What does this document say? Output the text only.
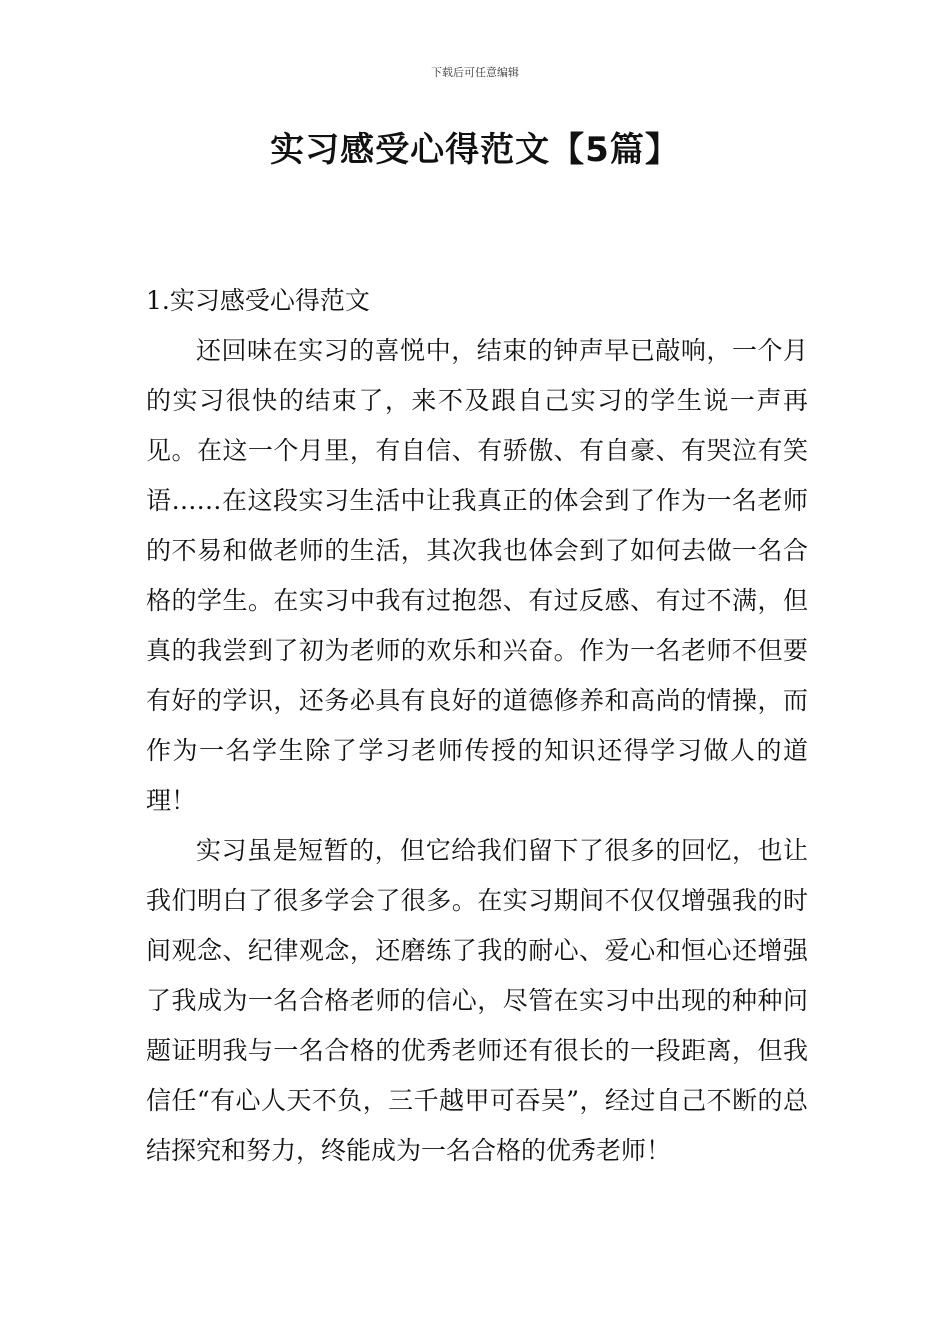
下载后可任意编辑
实习感受心得范文【5篇】
1.实习感受心得范文

还回味在实习的喜悦中，结束的钟声早已敲响，一个月的实习很快的结束了，来不及跟自己实习的学生说一声再见。在这一个月里，有自信、有骄傲、有自豪、有哭泣有笑语……在这段实习生活中让我真正的体会到了作为一名老师的不易和做老师的生活，其次我也体会到了如何去做一名合格的学生。在实习中我有过抱怨、有过反感、有过不满，但真的我尝到了初为老师的欢乐和兴奋。作为一名老师不但要有好的学识，还务必具有良好的道德修养和高尚的情操，而作为一名学生除了学习老师传授的知识还得学习做人的道理！

实习虽是短暂的，但它给我们留下了很多的回忆，也让我们明白了很多学会了很多。在实习期间不仅仅增强我的时间观念、纪律观念，还磨练了我的耐心、爱心和恒心还增强了我成为一名合格老师的信心，尽管在实习中出现的种种问题证明我与一名合格的优秀老师还有很长的一段距离，但我信任“有心人天不负，三千越甲可吞吴”，经过自己不断的总结探究和努力，终能成为一名合格的优秀老师！
